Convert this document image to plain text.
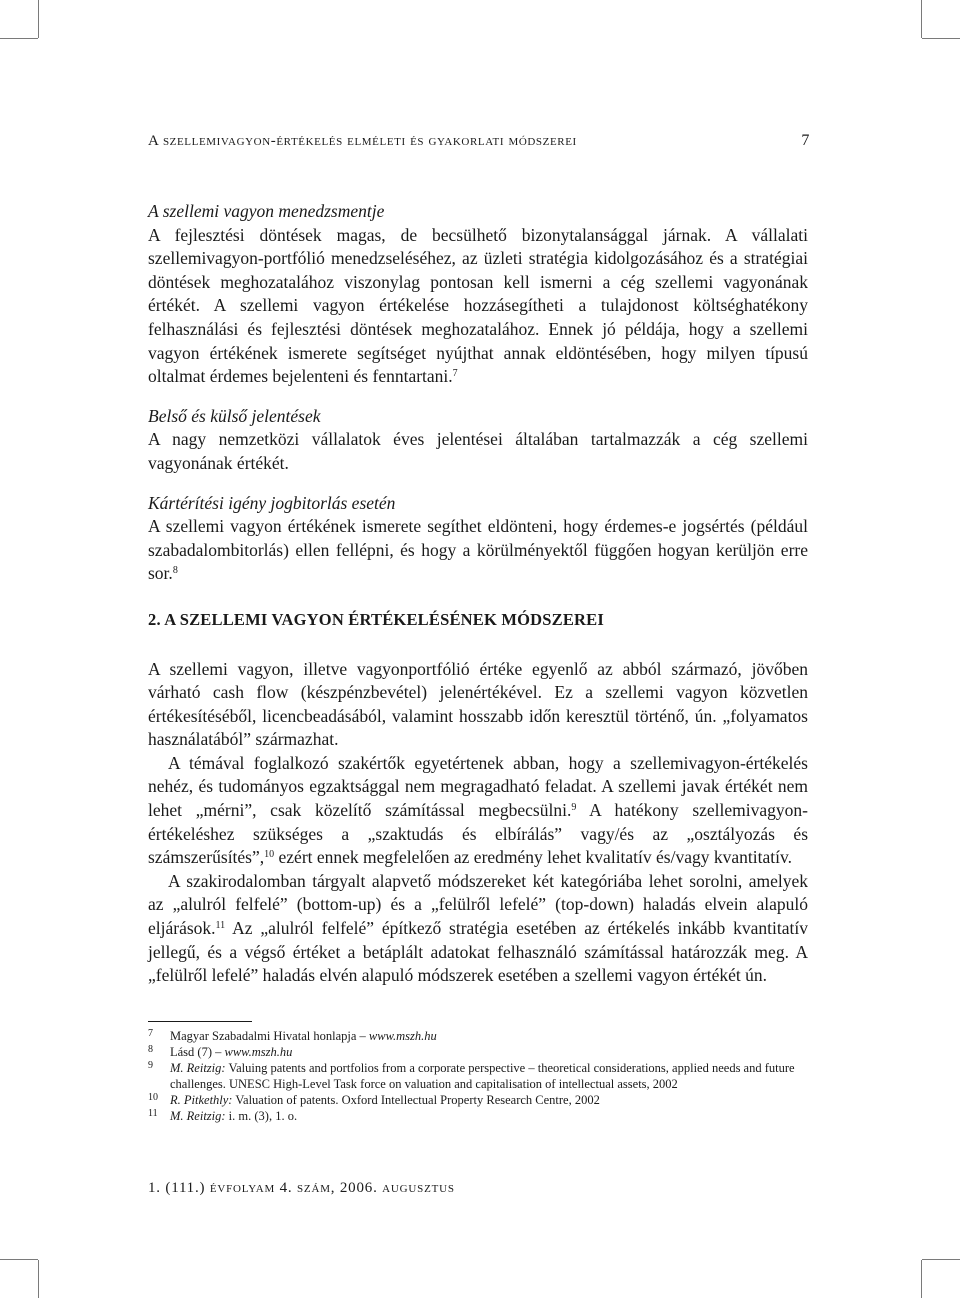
A szellemivagyon-értékelés elméleti és gyakorlati módszerei	7
A szellemi vagyon menedzsmentje

A fejlesztési döntések magas, de becsülhető bizonytalansággal járnak. A vállalati szellemivagyon-portfólió menedzseléséhez, az üzleti stratégia kidolgozásához és a stratégiai döntések meghozatalához viszonylag pontosan kell ismerni a cég szellemi vagyonának értékét. A szellemi vagyon értékelése hozzásegítheti a tulajdonost költséghatékony felhasználási és fejlesztési döntések meghozatalához. Ennek jó példája, hogy a szellemi vagyon értékének ismerete segítséget nyújthat annak eldöntésében, hogy milyen típusú oltalmat érdemes bejelenteni és fenntartani.$^7$

Belső és külső jelentések

A nagy nemzetközi vállalatok éves jelentései általában tartalmazzák a cég szellemi vagyonának értékét.

Kártérítési igény jogbitorlás esetén

A szellemi vagyon értékének ismerete segíthet eldönteni, hogy érdemes-e jogsértés (például szabadalombitorlás) ellen fellépni, és hogy a körülményektől függően hogyan kerüljön erre sor.$^8$

2. A SZELLEMI VAGYON ÉRTÉKELÉSÉNEK MÓDSZEREI

A szellemi vagyon, illetve vagyonportfólió értéke egyenlő az abból származó, jövőben várható cash flow (készpénzbevétel) jelenértékével. Ez a szellemi vagyon közvetlen értékesítéséből, licencbeadásából, valamint hosszabb időn keresztül történő, ún. „folyamatos használatából” származhat.

A témával foglalkozó szakértők egyetértenek abban, hogy a szellemivagyon-értékelés nehéz, és tudományos egzaktsággal nem megragadható feladat. A szellemi javak értékét nem lehet „mérni”, csak közelítő számítással megbecsülni.$^9$ A hatékony szellemivagyon-értékeléshez szükséges a „szaktudás és elbírálás” vagy/és az „osztályozás és számszerűsítés”,$^{10}$ ezért ennek megfelelően az eredmény lehet kvalitatív és/vagy kvantitatív.

A szakirodalomban tárgyalt alapvető módszereket két kategóriába lehet sorolni, amelyek az „alulról felfelé” (bottom-up) és a „felülről lefelé” (top-down) haladás elvein alapuló eljárások.$^{11}$ Az „alulról felfelé” építkező stratégia esetében az értékelés inkább kvantitatív jellegű, és a végső értéket a betáplált adatokat felhasználó számítással határozzák meg. A „felülről lefelé” haladás elvén alapuló módszerek esetében a szellemi vagyon értékét ún.

7	Magyar Szabadalmi Hivatal honlapja – www.mszh.hu
8	Lásd (7) – www.mszh.hu
9	M. Reitzig: Valuing patents and portfolios from a corporate perspective – theoretical considerations, applied needs and future challenges. UNESC High-Level Task force on valuation and capitalisation of intellectual assets, 2002
10 R. Pitkethly: Valuation of patents. Oxford Intellectual Property Research Centre, 2002
11 M. Reitzig: i. m. (3), 1. o.
1. (111.) évfolyam 4. szám, 2006. augusztus
